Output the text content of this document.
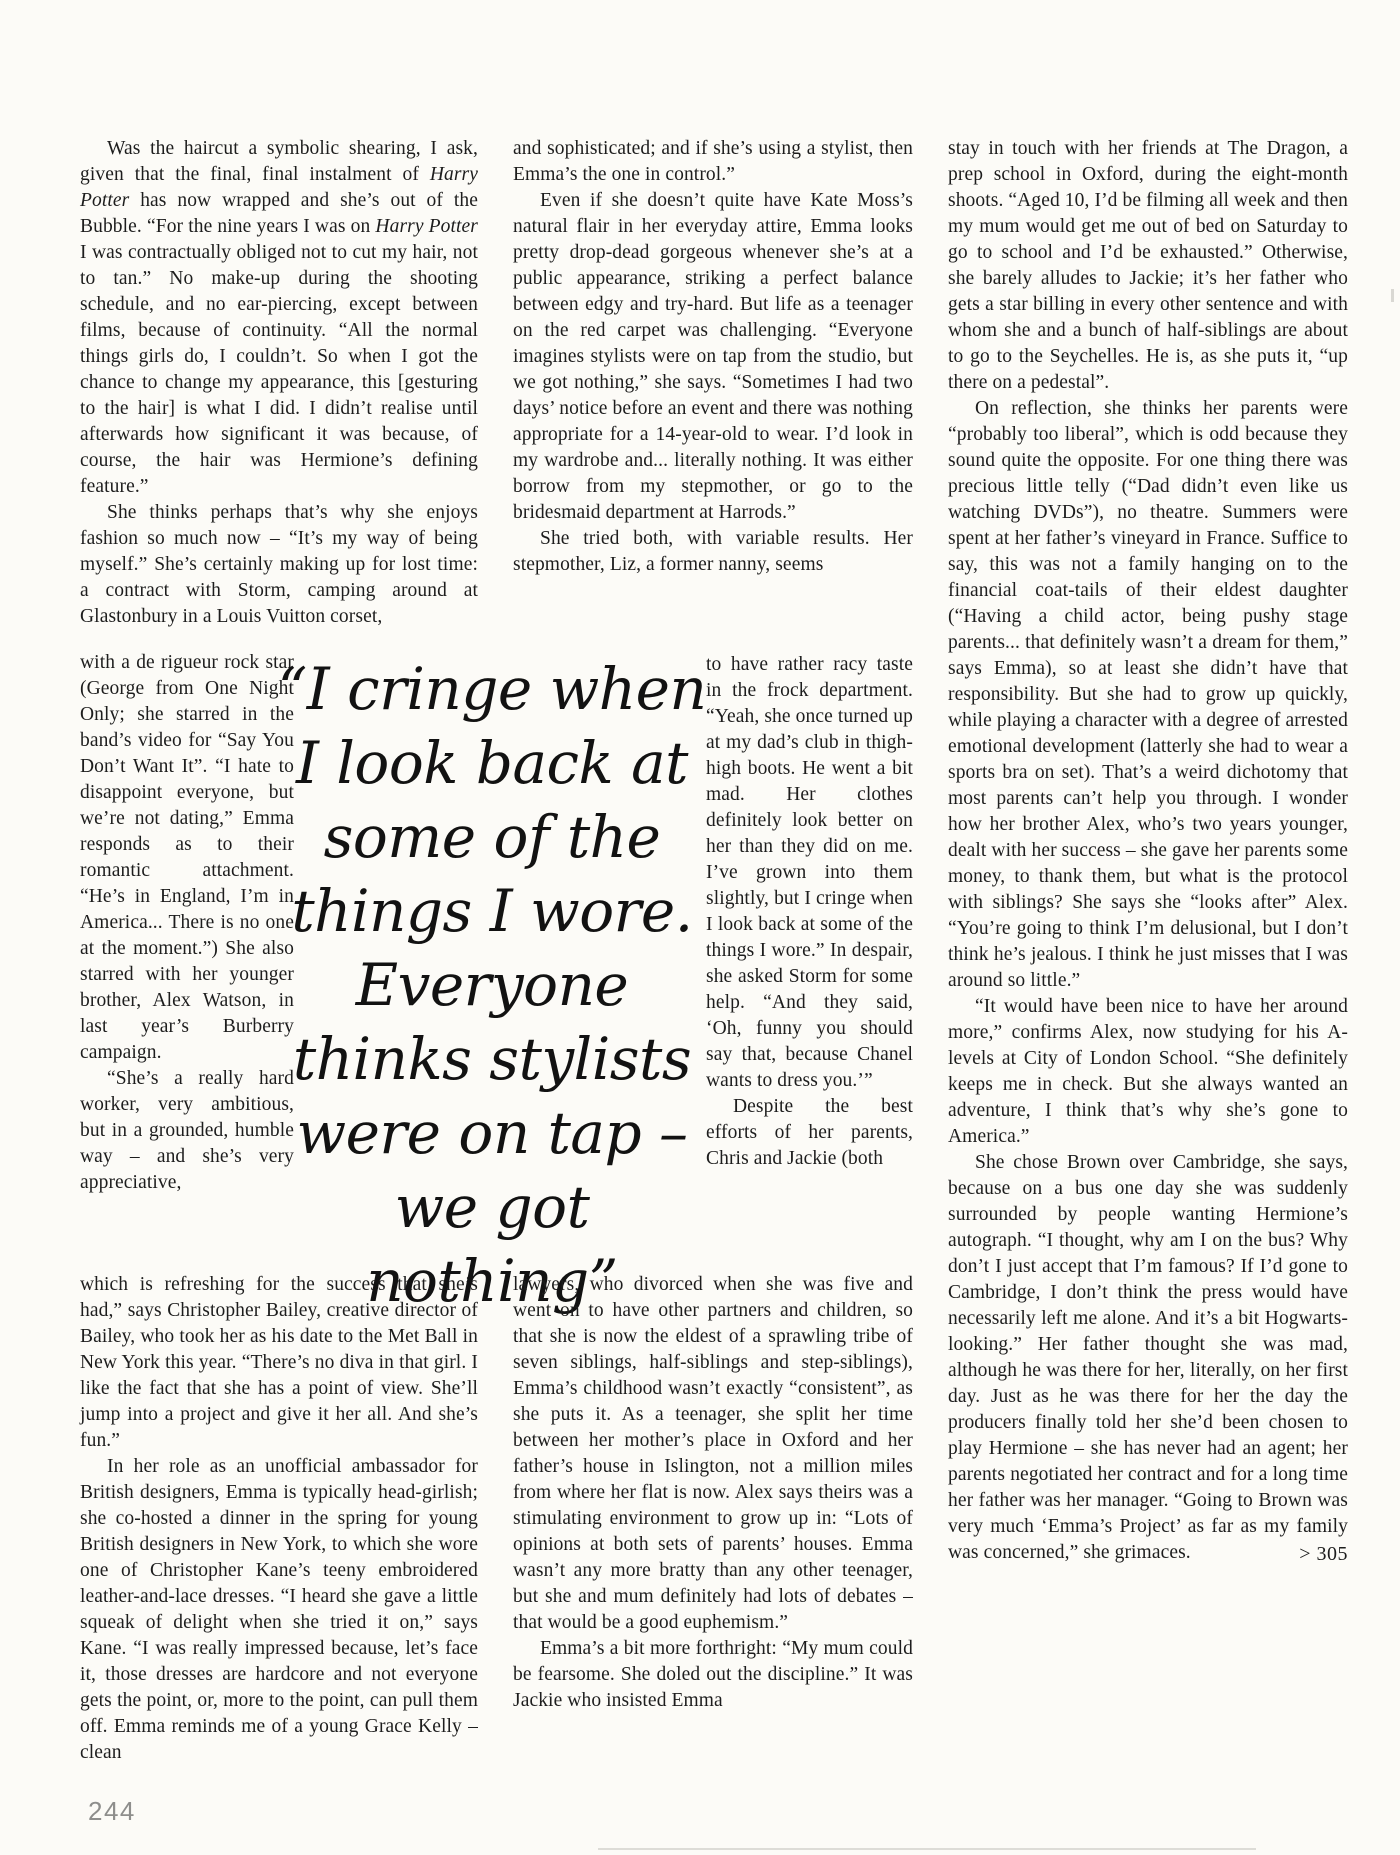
Was the haircut a symbolic shearing, I ask, given that the final, final instalment of Harry Potter has now wrapped and she’s out of the Bubble. “For the nine years I was on Harry Potter I was contractually obliged not to cut my hair, not to tan.” No make-up during the shooting schedule, and no ear-piercing, except between films, because of continuity. “All the normal things girls do, I couldn’t. So when I got the chance to change my appearance, this [gesturing to the hair] is what I did. I didn’t realise until afterwards how significant it was because, of course, the hair was Hermione’s defining feature.”

She thinks perhaps that’s why she enjoys fashion so much now – “It’s my way of being myself.” She’s certainly making up for lost time: a contract with Storm, camping around at Glastonbury in a Louis Vuitton corset,

with a de rigueur rock star (George from One Night Only; she starred in the band’s video for “Say You Don’t Want It”. “I hate to disappoint everyone, but we’re not dating,” Emma responds as to their romantic attachment. “He’s in England, I’m in America... There is no one at the moment.”) She also starred with her younger brother, Alex Watson, in last year’s Burberry campaign.

“She’s a really hard worker, very ambitious, but in a grounded, humble way – and she’s very appreciative,

which is refreshing for the success that she’s had,” says Christopher Bailey, creative director of Bailey, who took her as his date to the Met Ball in New York this year. “There’s no diva in that girl. I like the fact that she has a point of view. She’ll jump into a project and give it her all. And she’s fun.”

In her role as an unofficial ambassador for British designers, Emma is typically head-girlish; she co-hosted a dinner in the spring for young British designers in New York, to which she wore one of Christopher Kane’s teeny embroidered leather-and-lace dresses. “I heard she gave a little squeak of delight when she tried it on,” says Kane. “I was really impressed because, let’s face it, those dresses are hardcore and not everyone gets the point, or, more to the point, can pull them off. Emma reminds me of a young Grace Kelly – clean

“I cringe when
I look back at
some of the
things I wore.
Everyone
thinks stylists
were on tap –
we got nothing”

and sophisticated; and if she’s using a stylist, then Emma’s the one in control.”

Even if she doesn’t quite have Kate Moss’s natural flair in her everyday attire, Emma looks pretty drop-dead gorgeous whenever she’s at a public appearance, striking a perfect balance between edgy and try-hard. But life as a teenager on the red carpet was challenging. “Everyone imagines stylists were on tap from the studio, but we got nothing,” she says. “Sometimes I had two days’ notice before an event and there was nothing appropriate for a 14-year-old to wear. I’d look in my wardrobe and... literally nothing. It was either borrow from my stepmother, or go to the bridesmaid department at Harrods.”

She tried both, with variable results. Her stepmother, Liz, a former nanny, seems

to have rather racy taste in the frock department. “Yeah, she once turned up at my dad’s club in thigh-high boots. He went a bit mad. Her clothes definitely look better on her than they did on me. I’ve grown into them slightly, but I cringe when I look back at some of the things I wore.” In despair, she asked Storm for some help. “And they said, ‘Oh, funny you should say that, because Chanel wants to dress you.’”

Despite the best efforts of her parents, Chris and Jackie (both

lawyers, who divorced when she was five and went on to have other partners and children, so that she is now the eldest of a sprawling tribe of seven siblings, half-siblings and step-siblings), Emma’s childhood wasn’t exactly “consistent”, as she puts it. As a teenager, she split her time between her mother’s place in Oxford and her father’s house in Islington, not a million miles from where her flat is now. Alex says theirs was a stimulating environment to grow up in: “Lots of opinions at both sets of parents’ houses. Emma wasn’t any more bratty than any other teenager, but she and mum definitely had lots of debates – that would be a good euphemism.”

Emma’s a bit more forthright: “My mum could be fearsome. She doled out the discipline.” It was Jackie who insisted Emma

stay in touch with her friends at The Dragon, a prep school in Oxford, during the eight-month shoots. “Aged 10, I’d be filming all week and then my mum would get me out of bed on Saturday to go to school and I’d be exhausted.” Otherwise, she barely alludes to Jackie; it’s her father who gets a star billing in every other sentence and with whom she and a bunch of half-siblings are about to go to the Seychelles. He is, as she puts it, “up there on a pedestal”.

On reflection, she thinks her parents were “probably too liberal”, which is odd because they sound quite the opposite. For one thing there was precious little telly (“Dad didn’t even like us watching DVDs”), no theatre. Summers were spent at her father’s vineyard in France. Suffice to say, this was not a family hanging on to the financial coat-tails of their eldest daughter (“Having a child actor, being pushy stage parents... that definitely wasn’t a dream for them,” says Emma), so at least she didn’t have that responsibility. But she had to grow up quickly, while playing a character with a degree of arrested emotional development (latterly she had to wear a sports bra on set). That’s a weird dichotomy that most parents can’t help you through. I wonder how her brother Alex, who’s two years younger, dealt with her success – she gave her parents some money, to thank them, but what is the protocol with siblings? She says she “looks after” Alex. “You’re going to think I’m delusional, but I don’t think he’s jealous. I think he just misses that I was around so little.”

“It would have been nice to have her around more,” confirms Alex, now studying for his A-levels at City of London School. “She definitely keeps me in check. But she always wanted an adventure, I think that’s why she’s gone to America.”

She chose Brown over Cambridge, she says, because on a bus one day she was suddenly surrounded by people wanting Hermione’s autograph. “I thought, why am I on the bus? Why don’t I just accept that I’m famous? If I’d gone to Cambridge, I don’t think the press would have necessarily left me alone. And it’s a bit Hogwarts-looking.” Her father thought she was mad, although he was there for her, literally, on her first day. Just as he was there for her the day the producers finally told her she’d been chosen to play Hermione – she has never had an agent; her parents negotiated her contract and for a long time her father was her manager. “Going to Brown was very much ‘Emma’s Project’ as far as my family was concerned,” she grimaces.	> 305
244
